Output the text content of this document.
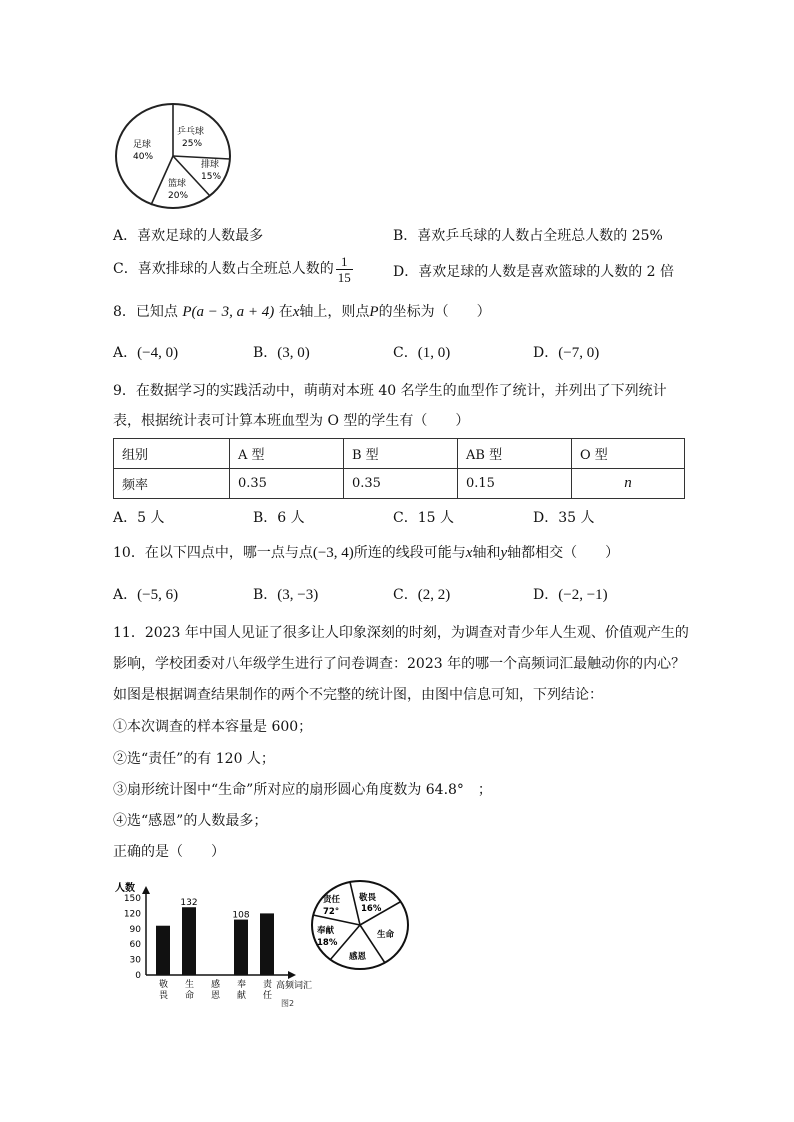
乒乓球
25%
排球
15%
篮球
20%
足球
40%
A．喜欢足球的人数最多	B．喜欢乒乓球的人数占全班总人数的 25%
C．喜欢排球的人数占全班总人数的 $\frac{1}{15}$	D．喜欢足球的人数是喜欢篮球的人数的 2 倍
8．已知点 P(a − 3, a + 4) 在x轴上，则点P的坐标为（　　）
A．(−4, 0)	B．(3, 0)	C．(1, 0)	D．(−7, 0)
9．在数据学习的实践活动中，萌萌对本班 40 名学生的血型作了统计，并列出了下列统计
表，根据统计表可计算本班血型为 O 型的学生有（　　）
组别	A 型	B 型	AB 型	O 型
频率	0.35	0.35	0.15	n
A．5 人	B．6 人	C．15 人	D．35 人
10．在以下四点中，哪一点与点(−3, 4)所连的线段可能与x轴和y轴都相交（　　）
A．(−5, 6)	B．(3, −3)	C．(2, 2)	D．(−2, −1)
11．2023 年中国人见证了很多让人印象深刻的时刻，为调查对青少年人生观、价值观产生的
影响，学校团委对八年级学生进行了问卷调查：2023 年的哪一个高频词汇最触动你的内心？
如图是根据调查结果制作的两个不完整的统计图，由图中信息可知，下列结论：
①本次调查的样本容量是 600；
②选“责任”的有 120 人；
③扇形统计图中“生命”所对应的扇形圆心角度数为 64.8°　；
④选“感恩”的人数最多；
正确的是（　　）
人数
0
30
60
90
120
150	132
108
敬畏
生命
感恩
奉献
责任
高频词汇
图2
敬畏
16%
生命
感恩
奉献
18%
责任
72°
